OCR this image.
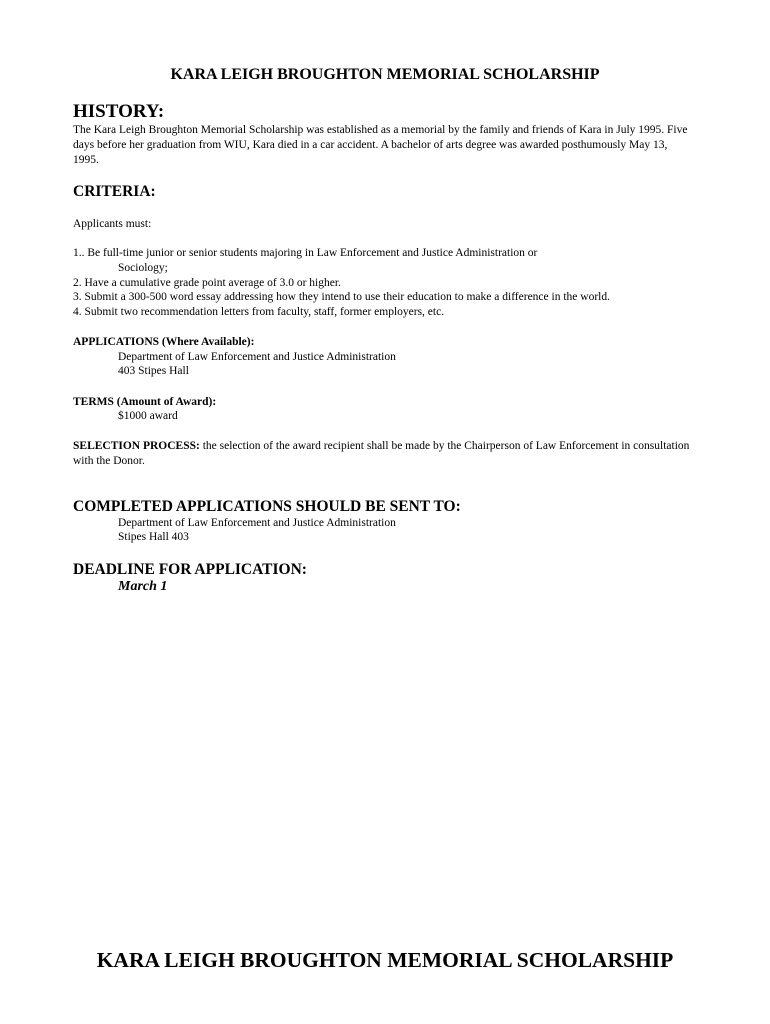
KARA LEIGH BROUGHTON MEMORIAL SCHOLARSHIP
HISTORY:
The Kara Leigh Broughton Memorial Scholarship was established as a memorial by the family and friends of Kara in July 1995. Five days before her graduation from WIU, Kara died in a car accident. A bachelor of arts degree was awarded posthumously May 13, 1995.
CRITERIA:
Applicants must:
1.. Be full-time junior or senior students majoring in Law Enforcement and Justice Administration or
Sociology;
2. Have a cumulative grade point average of 3.0 or higher.
3. Submit a 300-500 word essay addressing how they intend to use their education to make a difference in the world.
4. Submit two recommendation letters from faculty, staff, former employers, etc.
APPLICATIONS (Where Available):
Department of Law Enforcement and Justice Administration
403 Stipes Hall
TERMS (Amount of Award):
$1000 award
SELECTION PROCESS: the selection of the award recipient shall be made by the Chairperson of Law Enforcement in consultation with the Donor.
COMPLETED APPLICATIONS SHOULD BE SENT TO:
Department of Law Enforcement and Justice Administration
Stipes Hall 403
DEADLINE FOR APPLICATION:
March 1
KARA LEIGH BROUGHTON MEMORIAL SCHOLARSHIP
